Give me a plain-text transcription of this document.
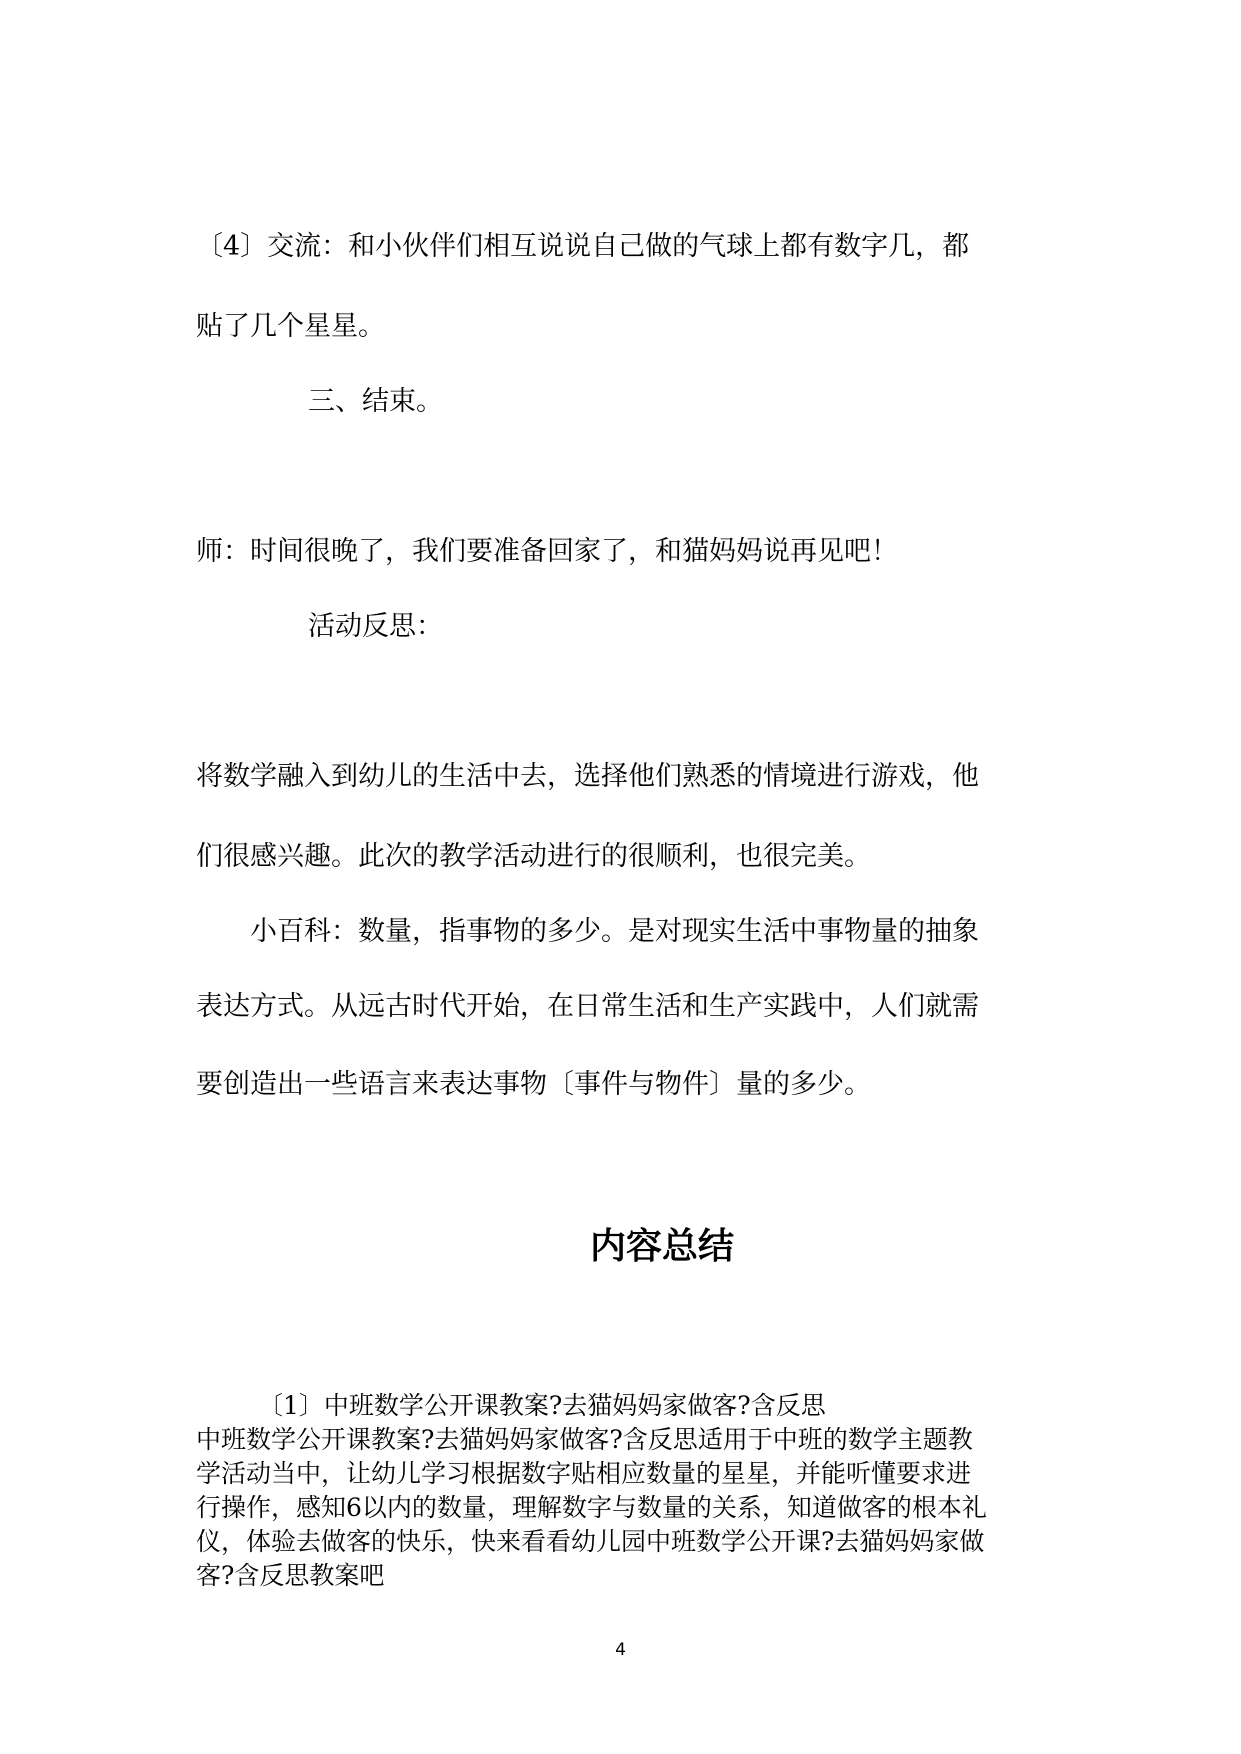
〔4〕交流：和小伙伴们相互说说自己做的气球上都有数字几，都

贴了几个星星。

三、结束。

师：时间很晚了，我们要准备回家了，和猫妈妈说再见吧！

活动反思：

将数学融入到幼儿的生活中去，选择他们熟悉的情境进行游戏，他

们很感兴趣。此次的教学活动进行的很顺利，也很完美。

小百科：数量，指事物的多少。是对现实生活中事物量的抽象

表达方式。从远古时代开始，在日常生活和生产实践中，人们就需

要创造出一些语言来表达事物〔事件与物件〕量的多少。

内容总结

〔1〕中班数学公开课教案?去猫妈妈家做客?含反思

中班数学公开课教案?去猫妈妈家做客?含反思适用于中班的数学主题教

学活动当中，让幼儿学习根据数字贴相应数量的星星，并能听懂要求进

行操作，感知6以内的数量，理解数字与数量的关系，知道做客的根本礼

仪，体验去做客的快乐，快来看看幼儿园中班数学公开课?去猫妈妈家做

客?含反思教案吧

4
